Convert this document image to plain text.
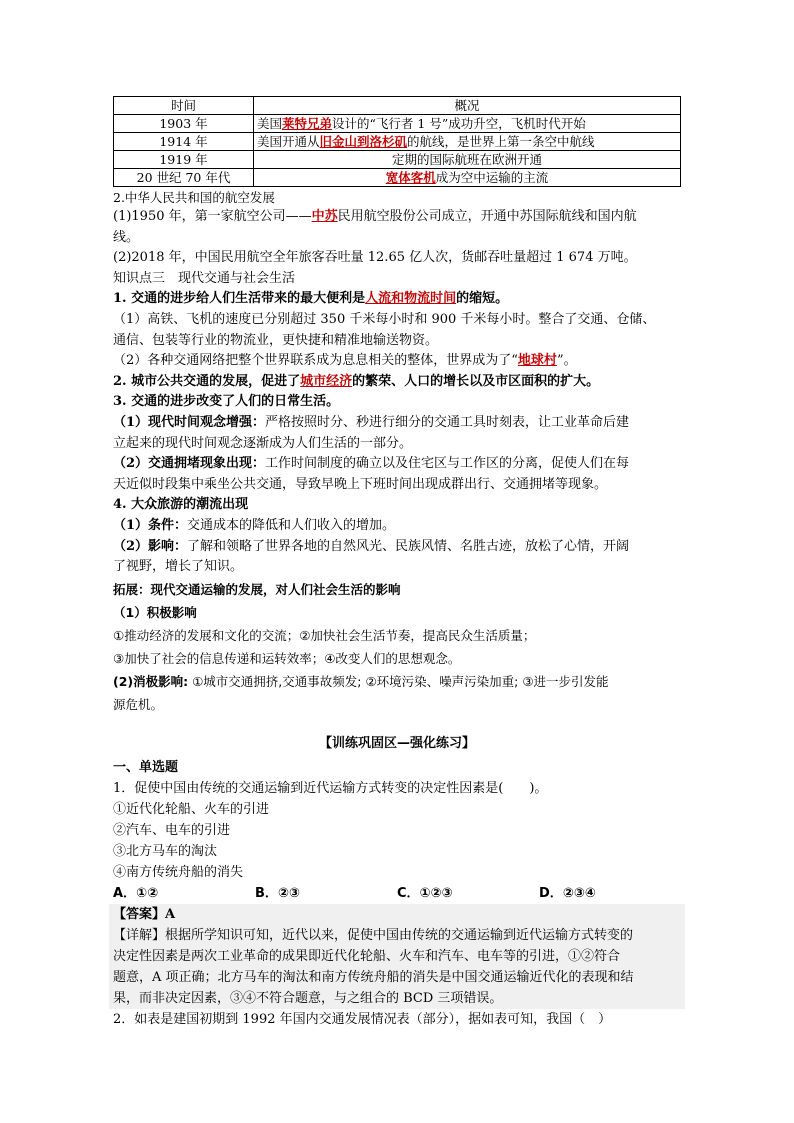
时间	概况
1903 年	美国莱特兄弟设计的“飞行者 1 号”成功升空，飞机时代开始
1914 年	美国开通从旧金山到洛杉矶的航线，是世界上第一条空中航线
1919 年	定期的国际航班在欧洲开通
20 世纪 70 年代	宽体客机成为空中运输的主流
2.中华人民共和国的航空发展
(1)1950 年，第一家航空公司——中苏民用航空股份公司成立，开通中苏国际航线和国内航
线。
(2)2018 年，中国民用航空全年旅客吞吐量 12.65 亿人次，货邮吞吐量超过 1 674 万吨。
知识点三　现代交通与社会生活
1. 交通的进步给人们生活带来的最大便利是人流和物流时间的缩短。
（1）高铁、飞机的速度已分别超过 350 千米每小时和 900 千米每小时。整合了交通、仓储、
通信、包装等行业的物流业，更快捷和精准地输送物资。
（2）各种交通网络把整个世界联系成为息息相关的整体，世界成为了“地球村”。
2. 城市公共交通的发展，促进了城市经济的繁荣、人口的增长以及市区面积的扩大。
3. 交通的进步改变了人们的日常生活。
（1）现代时间观念增强：严格按照时分、秒进行细分的交通工具时刻表，让工业革命后建
立起来的现代时间观念逐渐成为人们生活的一部分。
（2）交通拥堵现象出现：工作时间制度的确立以及住宅区与工作区的分离，促使人们在每
天近似时段集中乘坐公共交通，导致早晚上下班时间出现成群出行、交通拥堵等现象。
4. 大众旅游的潮流出现
（1）条件：交通成本的降低和人们收入的增加。
（2）影响：了解和领略了世界各地的自然风光、民族风情、名胜古迹，放松了心情，开阔
了视野，增长了知识。
拓展：现代交通运输的发展，对人们社会生活的影响
（1）积极影响
①推动经济的发展和文化的交流；②加快社会生活节奏，提高民众生活质量；
③加快了社会的信息传递和运转效率；④改变人们的思想观念。
(2)消极影响: ①城市交通拥挤,交通事故频发; ②环境污染、噪声污染加重; ③进一步引发能
源危机。
【训练巩固区—强化练习】
一、单选题
1．促使中国由传统的交通运输到近代运输方式转变的决定性因素是(　　)。
①近代化轮船、火车的引进
②汽车、电车的引进
③北方马车的淘汰
④南方传统舟船的消失
A．①②	B．②③	C．①②③	D．②③④
【答案】A
【详解】根据所学知识可知，近代以来，促使中国由传统的交通运输到近代运输方式转变的
决定性因素是两次工业革命的成果即近代化轮船、火车和汽车、电车等的引进，①②符合
题意，A 项正确；北方马车的淘汰和南方传统舟船的消失是中国交通运输近代化的表现和结
果，而非决定因素，③④不符合题意，与之组合的 BCD 三项错误。
2．如表是建国初期到 1992 年国内交通发展情况表（部分），据如表可知，我国（　）
